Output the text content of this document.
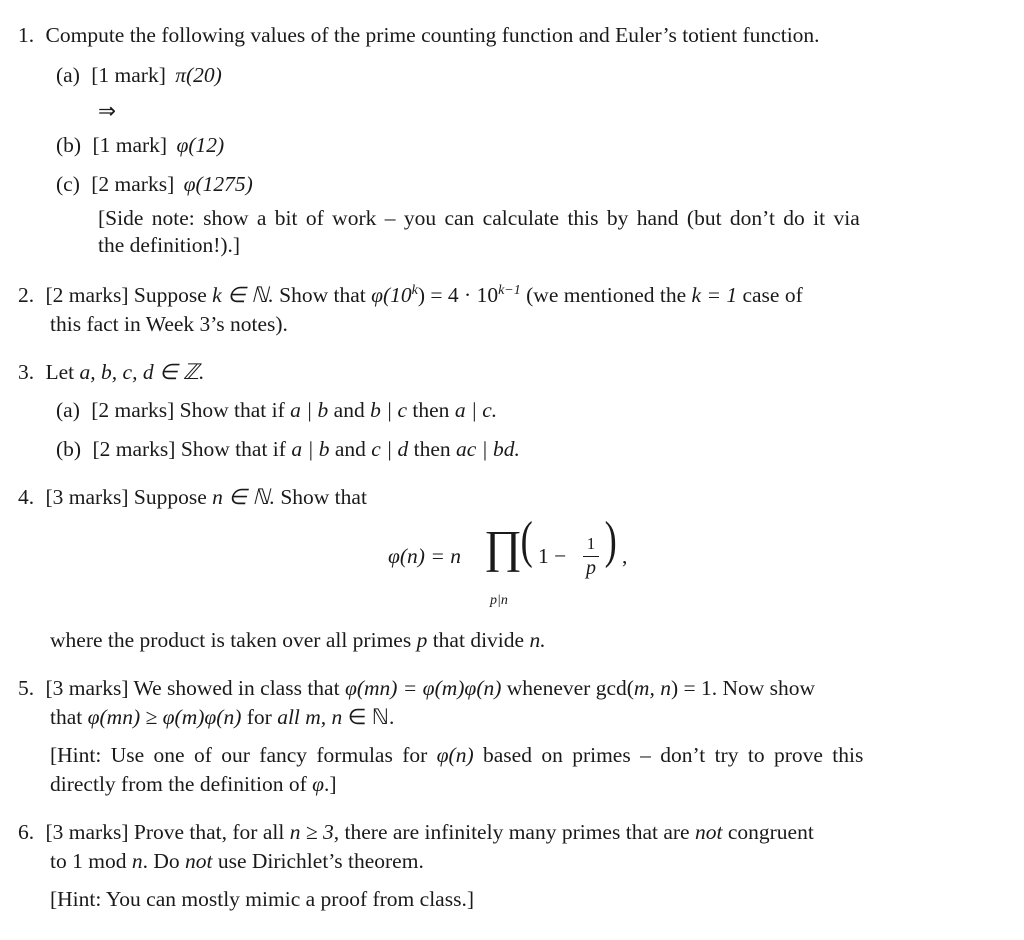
1. Compute the following values of the prime counting function and Euler’s totient function.
(a) [1 mark] π(20)
⇒
(b) [1 mark] φ(12)
(c) [2 marks] φ(1275)
[Side note: show a bit of work – you can calculate this by hand (but don’t do it via
the definition!).]
2. [2 marks] Suppose k ∈ ℕ. Show that $\varphi(10^k) = 4 \cdot 10^{k-1}$ (we mentioned the k = 1 case of
this fact in Week 3’s notes).
3. Let a, b, c, d ∈ ℤ.
(a) [2 marks] Show that if a | b and b | c then a | c.
(b) [2 marks] Show that if a | b and c | d then ac | bd.
4. [3 marks] Suppose n ∈ ℕ. Show that
φ(n) = n ∏
p|n
( 1 −
1
p ) ,
where the product is taken over all primes p that divide n.
5. [3 marks] We showed in class that φ(mn) = φ(m)φ(n) whenever gcd(m, n) = 1. Now show
that φ(mn) ≥ φ(m)φ(n) for all m, n ∈ ℕ.
[Hint: Use one of our fancy formulas for φ(n) based on primes – don’t try to prove this
directly from the definition of φ.]
6. [3 marks] Prove that, for all n ≥ 3, there are infinitely many primes that are not congruent
to 1 mod n. Do not use Dirichlet’s theorem.
[Hint: You can mostly mimic a proof from class.]
